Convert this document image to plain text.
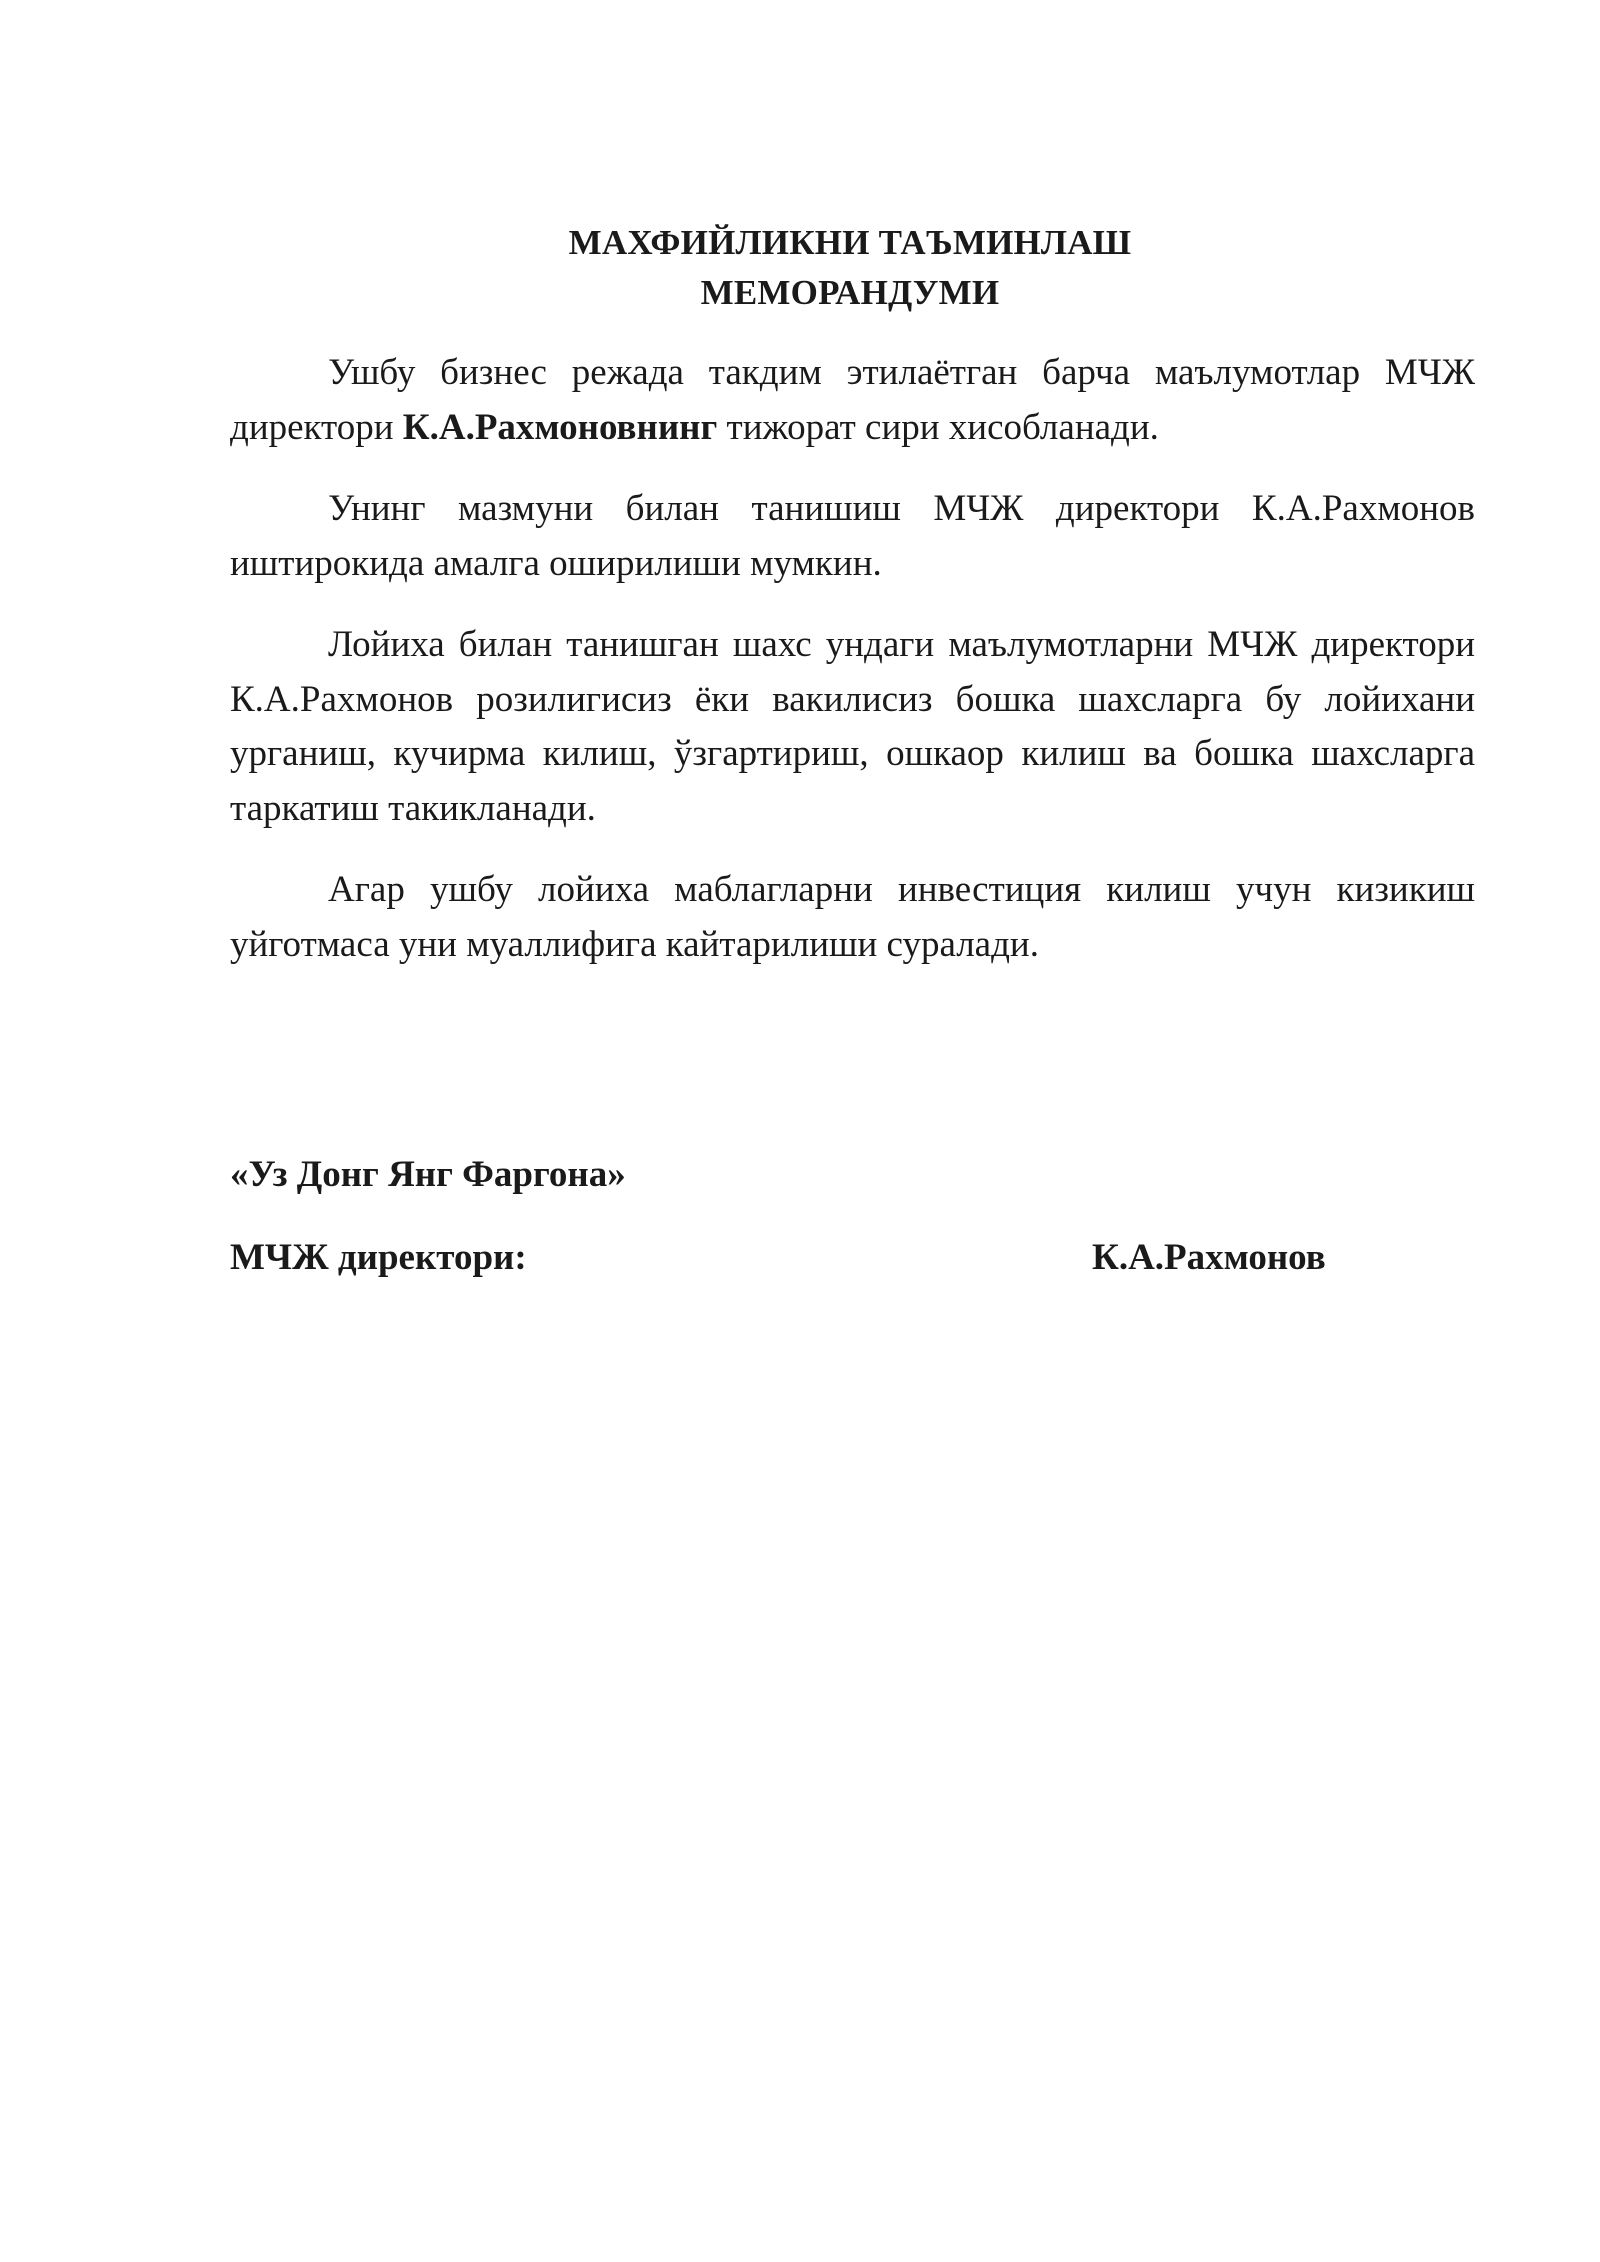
МАХФИЙЛИКНИ ТАЪМИНЛАШ
МЕМОРАНДУМИ

Ушбу бизнес режада такдим этилаётган барча маълумотлар МЧЖ директори К.А.Рахмоновнинг тижорат сири хисобланади.

Унинг мазмуни билан танишиш МЧЖ директори К.А.Рахмонов иштирокида амалга оширилиши мумкин.

Лойиха билан танишган шахс ундаги маълумотларни МЧЖ директори К.А.Рахмонов розилигисиз ёки вакилисиз бошка шахсларга бу лойихани урганиш, кучирма килиш, ўзгартириш, ошкаор килиш ва бошка шахсларга таркатиш такикланади.

Агар ушбу лойиха маблагларни инвестиция килиш учун кизикиш уйготмаса уни муаллифига кайтарилиши суралади.

«Уз Донг Янг Фаргона»
МЧЖ директори:	К.А.Рахмонов
